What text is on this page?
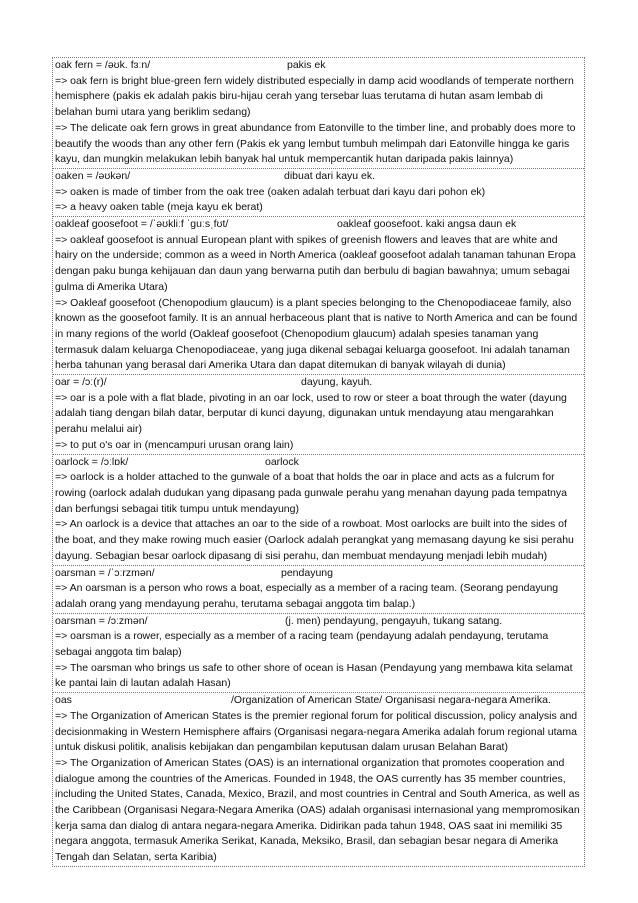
oak fern = /əʊk. fɜːn/	pakis ek
=> oak fern is bright blue-green fern widely distributed especially in damp acid woodlands of temperate northern hemisphere (pakis ek adalah pakis biru-hijau cerah yang tersebar luas terutama di hutan asam lembab di belahan bumi utara yang beriklim sedang)
=> The delicate oak fern grows in great abundance from Eatonville to the timber line, and probably does more to beautify the woods than any other fern (Pakis ek yang lembut tumbuh melimpah dari Eatonville hingga ke garis kayu, dan mungkin melakukan lebih banyak hal untuk mempercantik hutan daripada pakis lainnya)
oaken = /əʊkən/	dibuat dari kayu ek.
=> oaken is made of timber from the oak tree (oaken adalah terbuat dari kayu dari pohon ek)
=> a heavy oaken table (meja kayu ek berat)
oakleaf goosefoot = /ˈəʊkliːf ˈɡuːsˌfʊt/	oakleaf goosefoot. kaki angsa daun ek
=> oakleaf goosefoot is annual European plant with spikes of greenish flowers and leaves that are white and hairy on the underside; common as a weed in North America (oakleaf goosefoot adalah tanaman tahunan Eropa dengan paku bunga kehijauan dan daun yang berwarna putih dan berbulu di bagian bawahnya; umum sebagai gulma di Amerika Utara)
=> Oakleaf goosefoot (Chenopodium glaucum) is a plant species belonging to the Chenopodiaceae family, also known as the goosefoot family. It is an annual herbaceous plant that is native to North America and can be found in many regions of the world (Oakleaf goosefoot (Chenopodium glaucum) adalah spesies tanaman yang termasuk dalam keluarga Chenopodiaceae, yang juga dikenal sebagai keluarga goosefoot. Ini adalah tanaman herba tahunan yang berasal dari Amerika Utara dan dapat ditemukan di banyak wilayah di dunia)
oar = /ɔː(r)/	dayung, kayuh.
=> oar is a pole with a flat blade, pivoting in an oar lock, used to row or steer a boat through the water (dayung adalah tiang dengan bilah datar, berputar di kunci dayung, digunakan untuk mendayung atau mengarahkan perahu melalui air)
=> to put o's oar in (mencampuri urusan orang lain)
oarlock = /ɔːlɒk/	oarlock
=> oarlock is a holder attached to the gunwale of a boat that holds the oar in place and acts as a fulcrum for rowing (oarlock adalah dudukan yang dipasang pada gunwale perahu yang menahan dayung pada tempatnya dan berfungsi sebagai titik tumpu untuk mendayung)
=> An oarlock is a device that attaches an oar to the side of a rowboat. Most oarlocks are built into the sides of the boat, and they make rowing much easier (Oarlock adalah perangkat yang memasang dayung ke sisi perahu dayung. Sebagian besar oarlock dipasang di sisi perahu, dan membuat mendayung menjadi lebih mudah)
oarsman = /ˈɔːrzmən/	pendayung
=> An oarsman is a person who rows a boat, especially as a member of a racing team. (Seorang pendayung adalah orang yang mendayung perahu, terutama sebagai anggota tim balap.)
oarsman = /ɔːzmən/	(j. men) pendayung, pengayuh, tukang satang.
=> oarsman is a rower, especially as a member of a racing team (pendayung adalah pendayung, terutama sebagai anggota tim balap)
=> The oarsman who brings us safe to other shore of ocean is Hasan (Pendayung yang membawa kita selamat ke pantai lain di lautan adalah Hasan)
oas	/Organization of American State/ Organisasi negara-negara Amerika.
=> The Organization of American States is the premier regional forum for political discussion, policy analysis and decisionmaking in Western Hemisphere affairs (Organisasi negara-negara Amerika adalah forum regional utama untuk diskusi politik, analisis kebijakan dan pengambilan keputusan dalam urusan Belahan Barat)
=> The Organization of American States (OAS) is an international organization that promotes cooperation and dialogue among the countries of the Americas. Founded in 1948, the OAS currently has 35 member countries, including the United States, Canada, Mexico, Brazil, and most countries in Central and South America, as well as the Caribbean (Organisasi Negara-Negara Amerika (OAS) adalah organisasi internasional yang mempromosikan kerja sama dan dialog di antara negara-negara Amerika. Didirikan pada tahun 1948, OAS saat ini memiliki 35 negara anggota, termasuk Amerika Serikat, Kanada, Meksiko, Brasil, dan sebagian besar negara di Amerika Tengah dan Selatan, serta Karibia)
